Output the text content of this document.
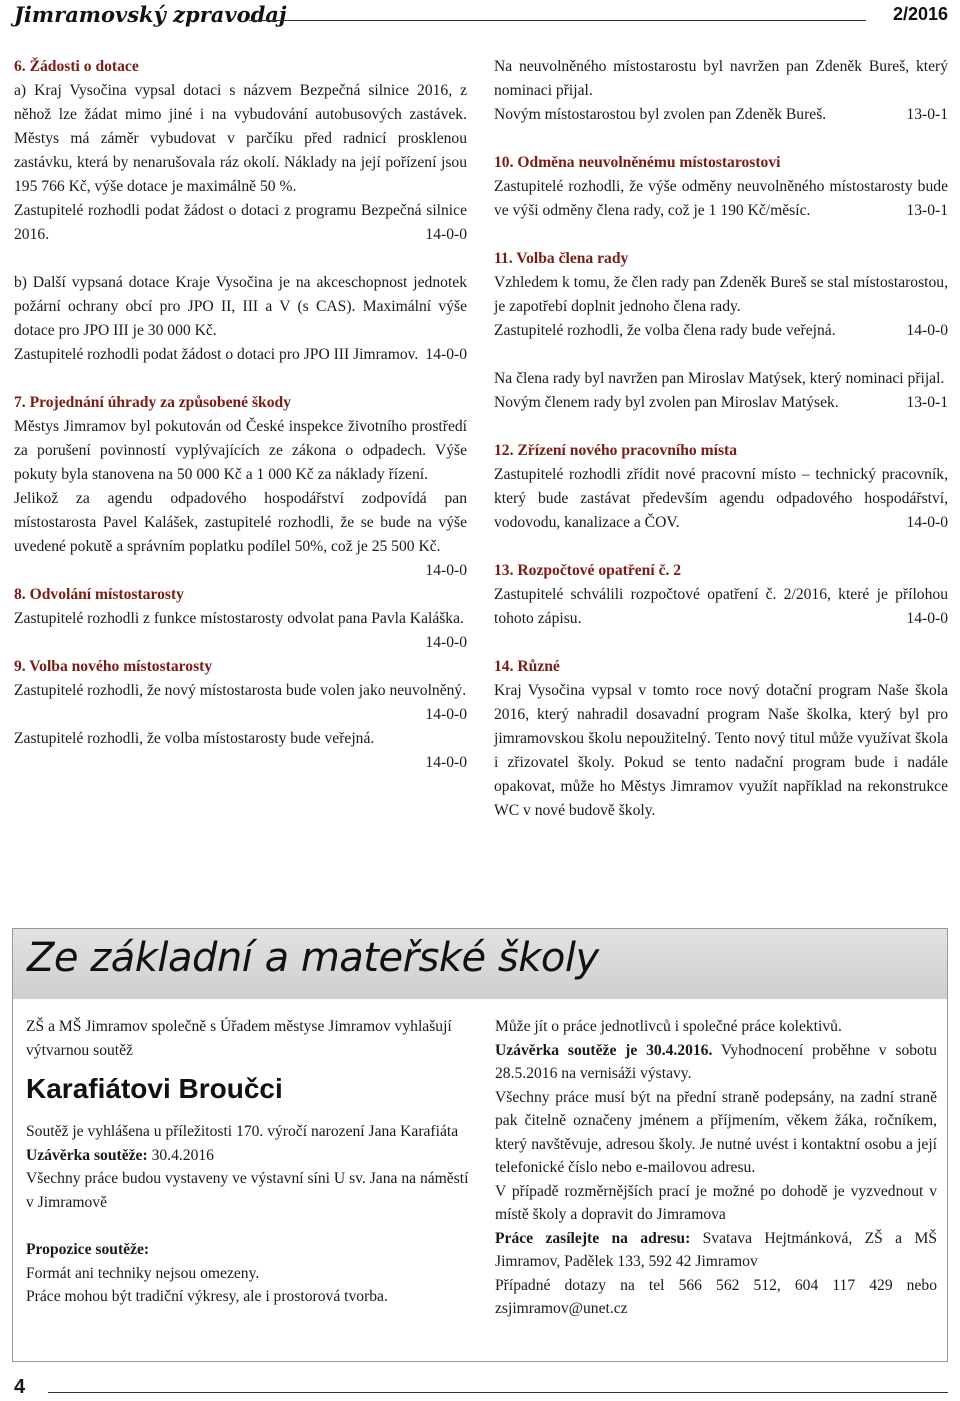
Jimramovský zpravodaj	2/2016

6. Žádosti o dotace

a) Kraj Vysočina vypsal dotaci s názvem Bezpečná silnice 2016, z něhož lze žádat mimo jiné i na vybudování autobusových zastávek. Městys má záměr vybudovat v parčíku před radnicí prosklenou zastávku, která by nenarušovala ráz okolí. Náklady na její pořízení jsou 195 766 Kč, výše dotace je maximálně 50 %.

Zastupitelé rozhodli podat žádost o dotaci z programu Bezpečná silnice 2016.	14-0-0

b) Další vypsaná dotace Kraje Vysočina je na akceschopnost jednotek požární ochrany obcí pro JPO II, III a V (s CAS). Maximální výše dotace pro JPO III je 30 000 Kč.

Zastupitelé rozhodli podat žádost o dotaci pro JPO III Jimramov. 14-0-0

7. Projednání úhrady za způsobené škody

Městys Jimramov byl pokutován od České inspekce životního prostředí za porušení povinností vyplývajících ze zákona o odpadech. Výše pokuty byla stanovena na 50 000 Kč a 1 000 Kč za náklady řízení.

Jelikož za agendu odpadového hospodářství zodpovídá pan místostarosta Pavel Kalášek, zastupitelé rozhodli, že se bude na výše uvedené pokutě a správním poplatku podílel 50%, což je 25 500 Kč.
14-0-0

8. Odvolání místostarosty

Zastupitelé rozhodli z funkce místostarosty odvolat pana Pavla Kaláška.
14-0-0

9. Volba nového místostarosty

Zastupitelé rozhodli, že nový místostarosta bude volen jako neuvolněný.
14-0-0

Zastupitelé rozhodli, že volba místostarosty bude veřejná.

14-0-0

Na neuvolněného místostarostu byl navržen pan Zdeněk Bureš, který nominaci přijal.

Novým místostarostou byl zvolen pan Zdeněk Bureš.	13-0-1

10. Odměna neuvolněnému místostarostovi

Zastupitelé rozhodli, že výše odměny neuvolněného místostarosty bude ve výši odměny člena rady, což je 1 190 Kč/měsíc.	13-0-1

11. Volba člena rady

Vzhledem k tomu, že člen rady pan Zdeněk Bureš se stal místostarostou, je zapotřebí doplnit jednoho člena rady.

Zastupitelé rozhodli, že volba člena rady bude veřejná.	14-0-0

Na člena rady byl navržen pan Miroslav Matýsek, který nominaci přijal.

Novým členem rady byl zvolen pan Miroslav Matýsek.	13-0-1

12. Zřízení nového pracovního místa

Zastupitelé rozhodli zřídit nové pracovní místo – technický pracovník, který bude zastávat především agendu odpadového hospodářství, vodovodu, kanalizace a ČOV.	14-0-0

13. Rozpočtové opatření č. 2

Zastupitelé schválili rozpočtové opatření č. 2/2016, které je přílohou tohoto zápisu.	14-0-0

14. Různé

Kraj Vysočina vypsal v tomto roce nový dotační program Naše škola 2016, který nahradil dosavadní program Naše školka, který byl pro jimramovskou školu nepoužitelný. Tento nový titul může využívat škola i zřizovatel školy. Pokud se tento nadační program bude i nadále opakovat, může ho Městys Jimramov využít například na rekonstrukce WC v nové budově školy.

Ze základní a mateřské školy

ZŠ a MŠ Jimramov společně s Úřadem městyse Jimramov vyhlašují výtvarnou soutěž

Karafiátovi Broučci

Soutěž je vyhlášena u příležitosti 170. výročí narození Jana Karafiáta

Uzávěrka soutěže: 30.4.2016

Všechny práce budou vystaveny ve výstavní síni U sv. Jana na náměstí v Jimramově

Propozice soutěže:

Formát ani techniky nejsou omezeny.

Práce mohou být tradiční výkresy, ale i prostorová tvorba.

Může jít o práce jednotlivců i společné práce kolektivů.

Uzávěrka soutěže je 30.4.2016. Vyhodnocení proběhne v sobotu 28.5.2016 na vernisáži výstavy.

Všechny práce musí být na přední straně podepsány, na zadní straně pak čitelně označeny jménem a příjmením, věkem žáka, ročníkem, který navštěvuje, adresou školy. Je nutné uvést i kontaktní osobu a její telefonické číslo nebo e-mailovou adresu.

V případě rozměrnějších prací je možné po dohodě je vyzvednout v místě školy a dopravit do Jimramova

Práce zasílejte na adresu: Svatava Hejtmánková, ZŠ a MŠ Jimramov, Padělek 133, 592 42 Jimramov

Případné dotazy na tel 566 562 512, 604 117 429 nebo zsjimramov@unet.cz

4
